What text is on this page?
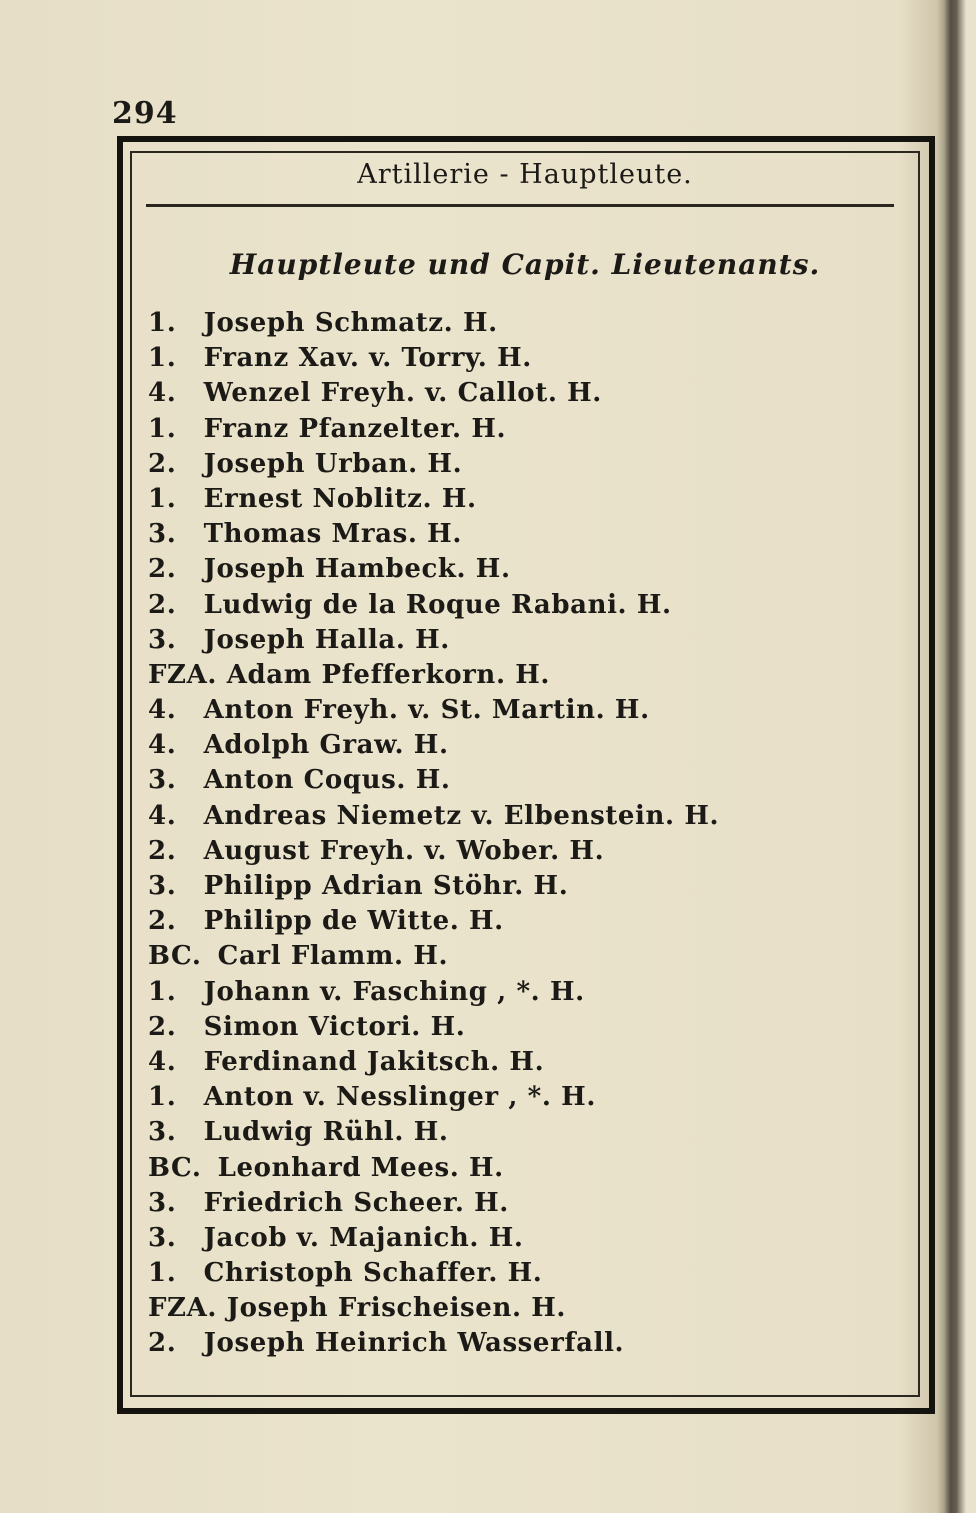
294
Artillerie - Hauptleute.
Hauptleute und Capit. Lieutenants.
1. Joseph Schmatz. H.
1. Franz Xav. v. Torry. H.
4. Wenzel Freyh. v. Callot. H.
1. Franz Pfanzelter. H.
2. Joseph Urban. H.
1. Ernest Noblitz. H.
3. Thomas Mras. H.
2. Joseph Hambeck. H.
2. Ludwig de la Roque Rabani. H.
3. Joseph Halla. H.
FZA. Adam Pfefferkorn. H.
4. Anton Freyh. v. St. Martin. H.
4. Adolph Graw. H.
3. Anton Coqus. H.
4. Andreas Niemetz v. Elbenstein. H.
2. August Freyh. v. Wober. H.
3. Philipp Adrian Stöhr. H.
2. Philipp de Witte. H.
BC. Carl Flamm. H.
1. Johann v. Fasching , *. H.
2. Simon Victori. H.
4. Ferdinand Jakitsch. H.
1. Anton v. Nesslinger , *. H.
3. Ludwig Rühl. H.
BC. Leonhard Mees. H.
3. Friedrich Scheer. H.
3. Jacob v. Majanich. H.
1. Christoph Schaffer. H.
FZA. Joseph Frischeisen. H.
2. Joseph Heinrich Wasserfall.
